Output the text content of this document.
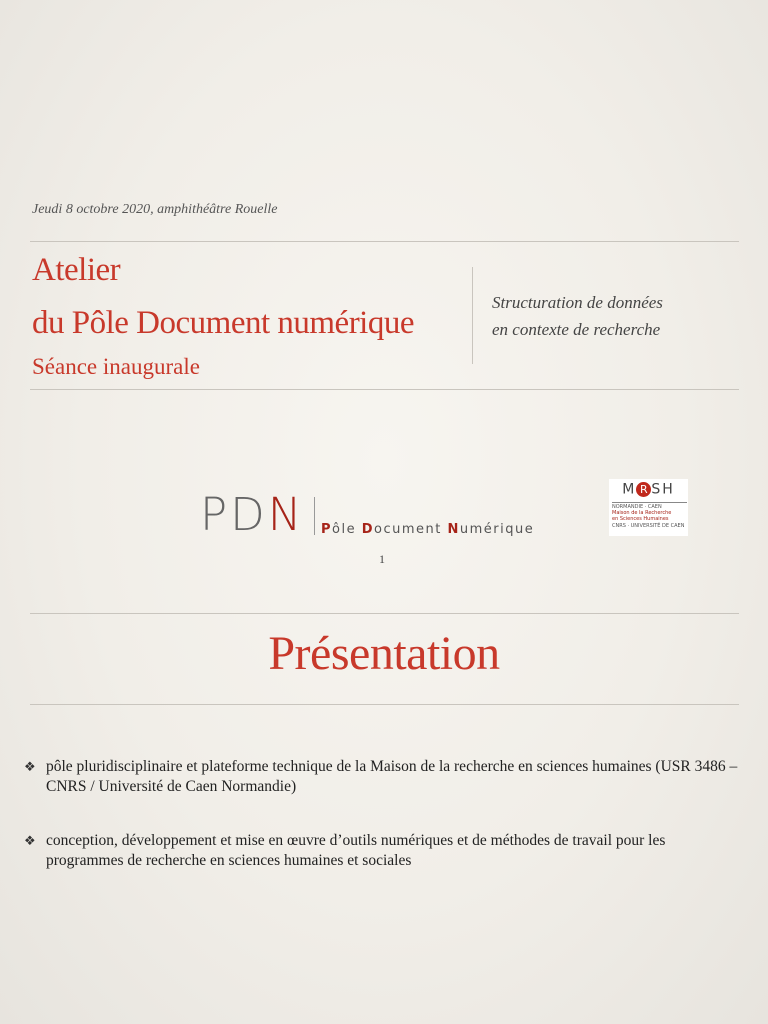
Jeudi 8 octobre 2020, amphithéâtre Rouelle
Atelier
du Pôle Document numérique
Séance inaugurale
Structuration de données
en contexte de recherche
PDN Pôle Document Numérique
M R SH
NORMANDIE · CAEN
Maison de la Recherche
en Sciences Humaines
CNRS · UNIVERSITÉ DE CAEN
1
Présentation
❖ pôle pluridisciplinaire et plateforme technique de la Maison de la recherche en sciences humaines (USR 3486 – CNRS / Université de Caen Normandie)
❖ conception, développement et mise en œuvre d’outils numériques et de méthodes de travail pour les programmes de recherche en sciences humaines et sociales
